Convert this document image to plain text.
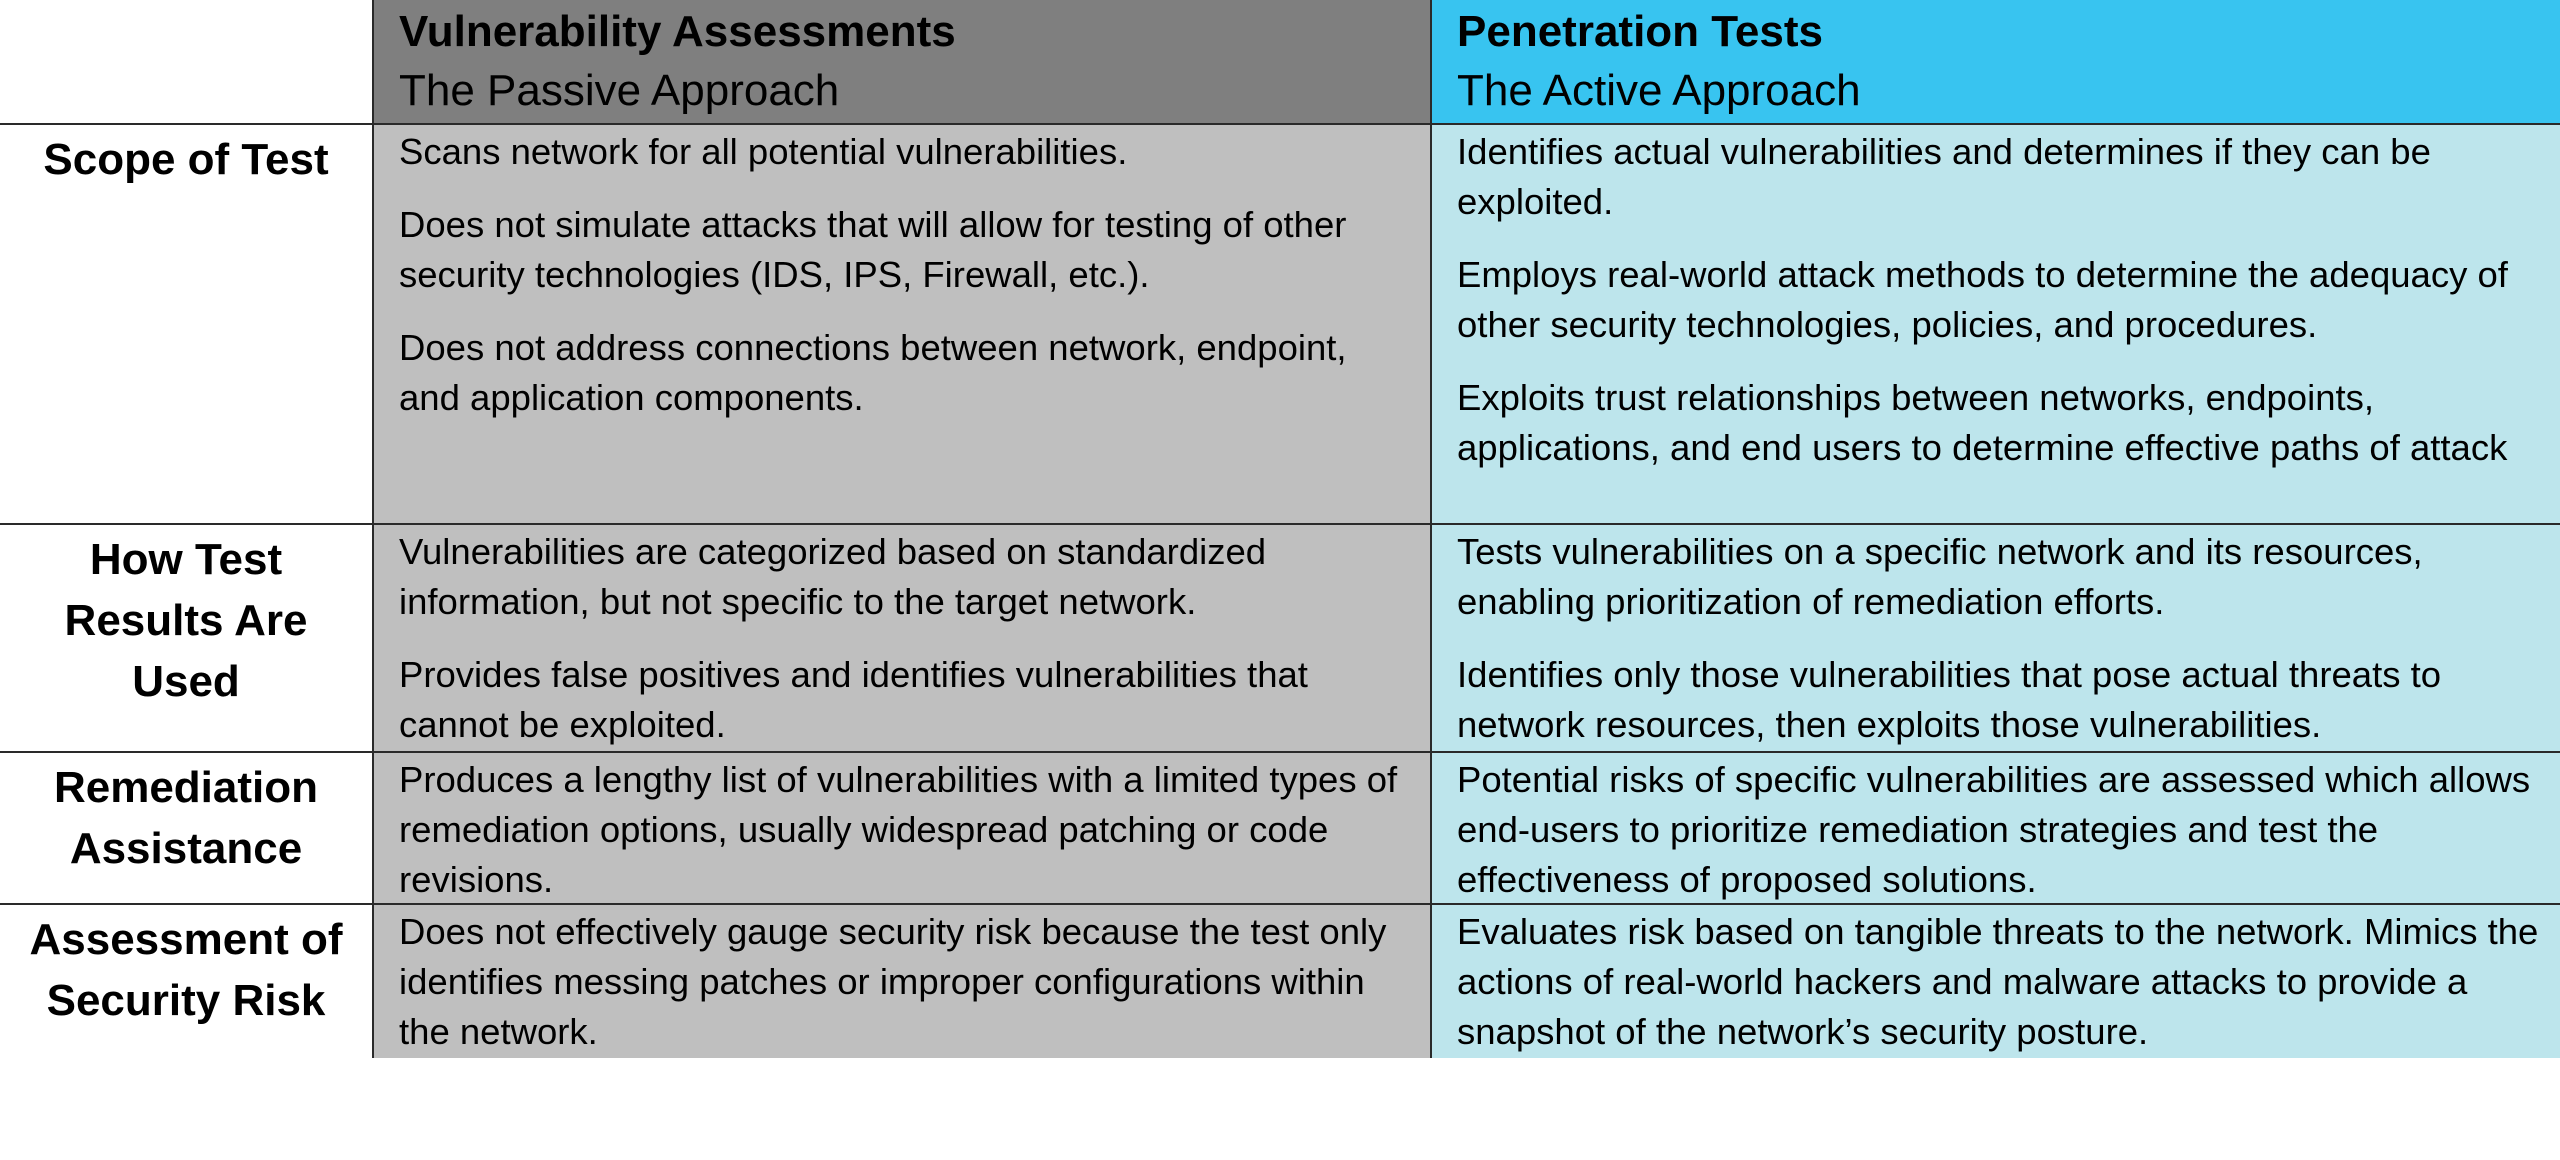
Vulnerability Assessments

The Passive Approach

Penetration Tests

The Active Approach

Scope of Test	Scans network for all potential vulnerabilities.

Does not simulate attacks that will allow for testing of other security technologies (IDS, IPS, Firewall, etc.).

Does not address connections between network, endpoint, and application components.

Identifies actual vulnerabilities and determines if they can be exploited.

Employs real-world attack methods to determine the adequacy of other security technologies, policies, and procedures.

Exploits trust relationships between networks, endpoints, applications, and end users to determine effective paths of attack

How Test Results Are Used

Vulnerabilities are categorized based on standardized information, but not specific to the target network.

Provides false positives and identifies vulnerabilities that cannot be exploited.

Tests vulnerabilities on a specific network and its resources, enabling prioritization of remediation efforts.

Identifies only those vulnerabilities that pose actual threats to network resources, then exploits those vulnerabilities.

Remediation Assistance

Produces a lengthy list of vulnerabilities with a limited types of remediation options, usually widespread patching or code revisions.

Potential risks of specific vulnerabilities are assessed which allows end-users to prioritize remediation strategies and test the effectiveness of proposed solutions.

Assessment of Security Risk

Does not effectively gauge security risk because the test only identifies messing patches or improper configurations within the network.

Evaluates risk based on tangible threats to the network. Mimics the actions of real-world hackers and malware attacks to provide a snapshot of the network’s security posture.
